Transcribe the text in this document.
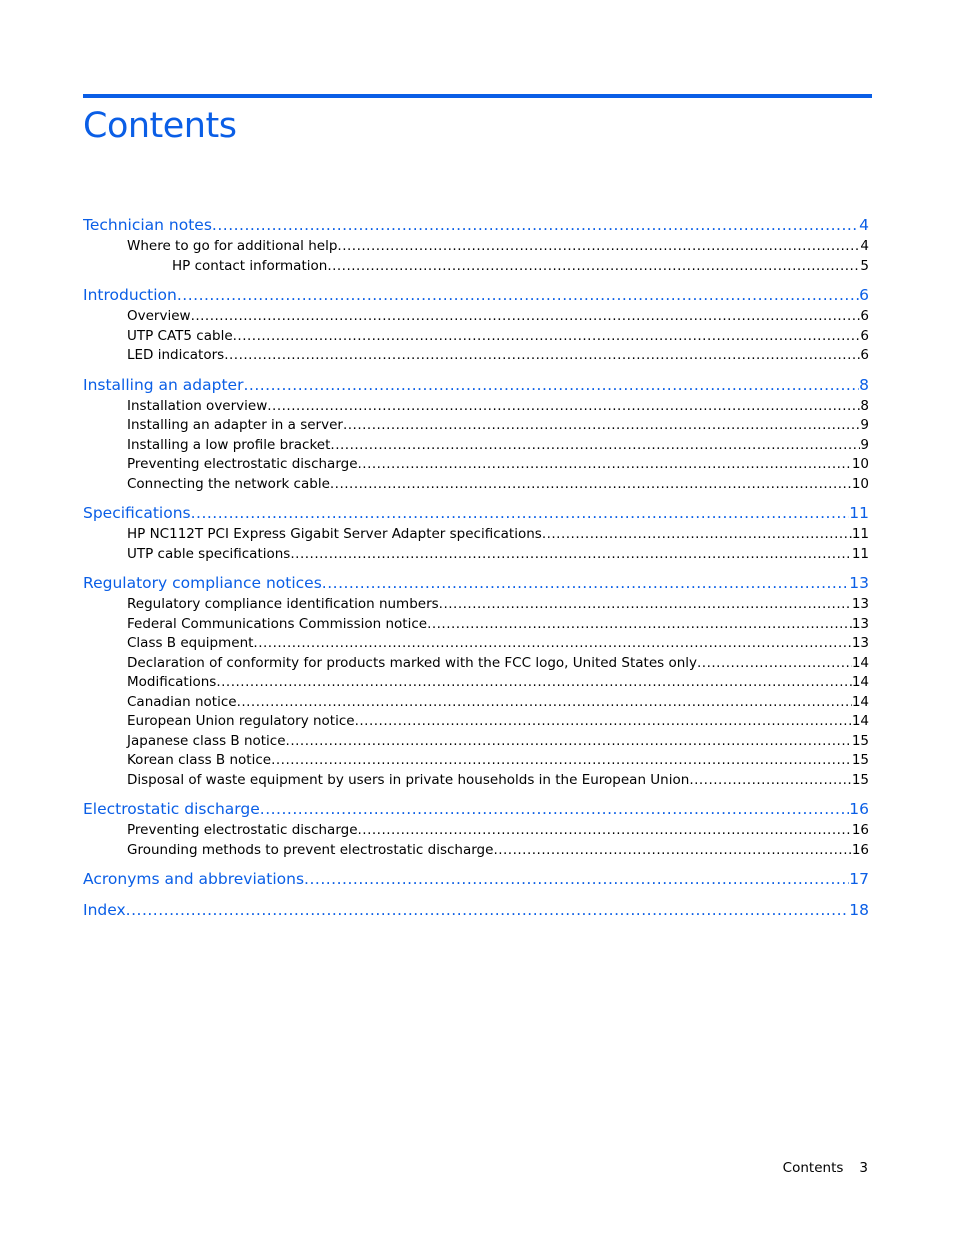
Contents
Technician notes .....	4
Where to go for additional help .....	4
HP contact information .....	5
Introduction .....	6
Overview .....	6
UTP CAT5 cable .....	6
LED indicators .....	6
Installing an adapter .....	8
Installation overview .....	8
Installing an adapter in a server .....	9
Installing a low profile bracket .....	9
Preventing electrostatic discharge .....	10
Connecting the network cable .....	10
Specifications .....	11
HP NC112T PCI Express Gigabit Server Adapter specifications .....	11
UTP cable specifications .....	11
Regulatory compliance notices .....	13
Regulatory compliance identification numbers .....	13
Federal Communications Commission notice .....	13
Class B equipment .....	13
Declaration of conformity for products marked with the FCC logo, United States only .....	14
Modifications .....	14
Canadian notice .....	14
European Union regulatory notice .....	14
Japanese class B notice .....	15
Korean class B notice .....	15
Disposal of waste equipment by users in private households in the European Union .....	15
Electrostatic discharge .....	16
Preventing electrostatic discharge .....	16
Grounding methods to prevent electrostatic discharge .....	16
Acronyms and abbreviations .....	17
Index .....	18
Contents 3
